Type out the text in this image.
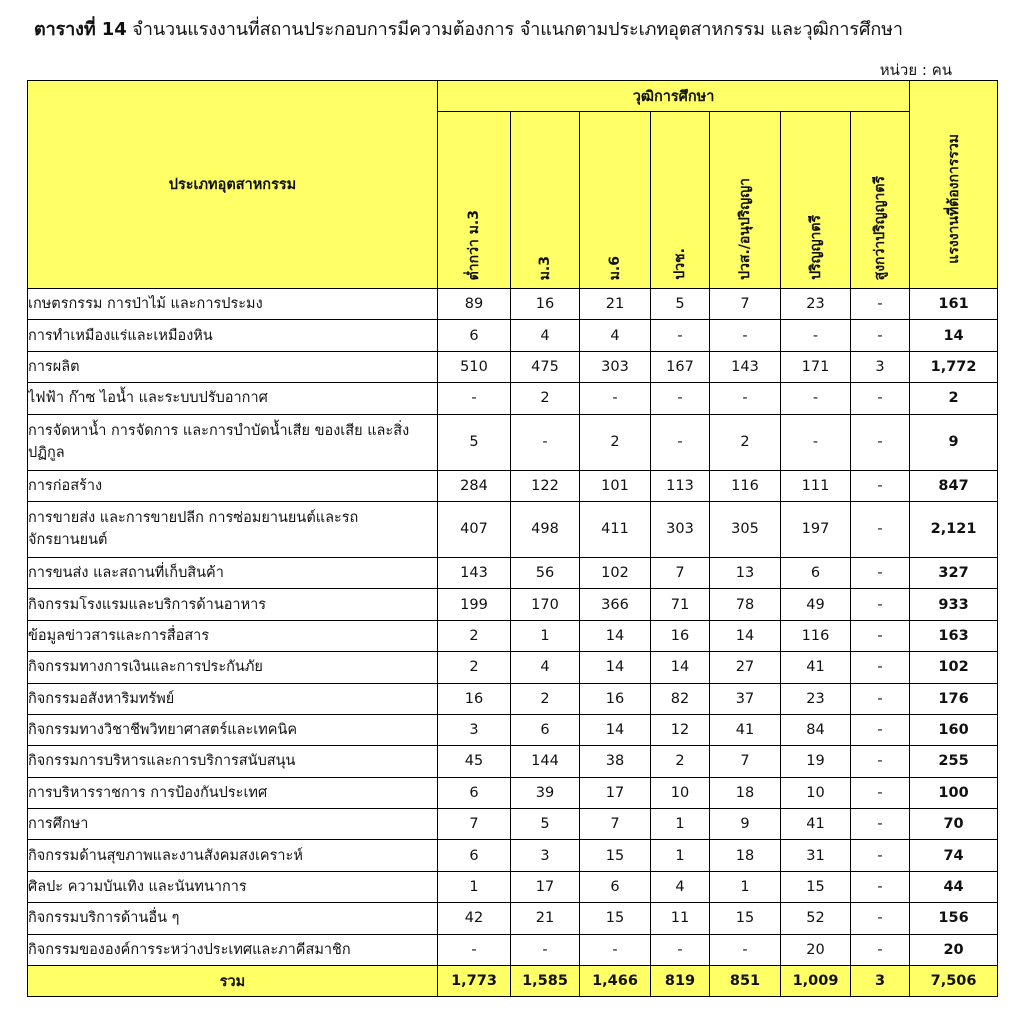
ตารางที่ 14 จำนวนแรงงานที่สถานประกอบการมีความต้องการ จำแนกตามประเภทอุตสาหกรรม และวุฒิการศึกษา
หน่วย : คน
ประเภทอุตสาหกรรม	วุฒิการศึกษา							แรงงานที่ต้องการรวม

	ต่ำกว่า ม.3	ม.3	ม.6	ปวช.	ปวส./อนุปริญญา	ปริญญาตรี	สูงกว่าปริญญาตรี	

เกษตรกรรม การป่าไม้ และการประมง	89	16	21	5	7	23	-	161
การทำเหมืองแร่และเหมืองหิน	6	4	4	-	-	-	-	14
การผลิต	510	475	303	167	143	171	3	1,772
ไฟฟ้า ก๊าซ ไอน้ำ และระบบปรับอากาศ	-	2	-	-	-	-	-	2
การจัดหาน้ำ การจัดการ และการบำบัดน้ำเสีย ของเสีย และสิ่งปฏิกูล	5	-	2	-	2	-	-	9
การก่อสร้าง	284	122	101	113	116	111	-	847
การขายส่ง และการขายปลีก การซ่อมยานยนต์และรถจักรยานยนต์	407	498	411	303	305	197	-	2,121
การขนส่ง และสถานที่เก็บสินค้า	143	56	102	7	13	6	-	327
กิจกรรมโรงแรมและบริการด้านอาหาร	199	170	366	71	78	49	-	933
ข้อมูลข่าวสารและการสื่อสาร	2	1	14	16	14	116	-	163
กิจกรรมทางการเงินและการประกันภัย	2	4	14	14	27	41	-	102
กิจกรรมอสังหาริมทรัพย์	16	2	16	82	37	23	-	176
กิจกรรมทางวิชาชีพวิทยาศาสตร์และเทคนิค	3	6	14	12	41	84	-	160
กิจกรรมการบริหารและการบริการสนับสนุน	45	144	38	2	7	19	-	255
การบริหารราชการ การป้องกันประเทศ	6	39	17	10	18	10	-	100
การศึกษา	7	5	7	1	9	41	-	70
กิจกรรมด้านสุขภาพและงานสังคมสงเคราะห์	6	3	15	1	18	31	-	74
ศิลปะ ความบันเทิง และนันทนาการ	1	17	6	4	1	15	-	44
กิจกรรมบริการด้านอื่น ๆ	42	21	15	11	15	52	-	156
กิจกรรมขององค์การระหว่างประเทศและภาคีสมาชิก	-	-	-	-	-	20	-	20
รวม	1,773	1,585	1,466	819	851	1,009	3	7,506
